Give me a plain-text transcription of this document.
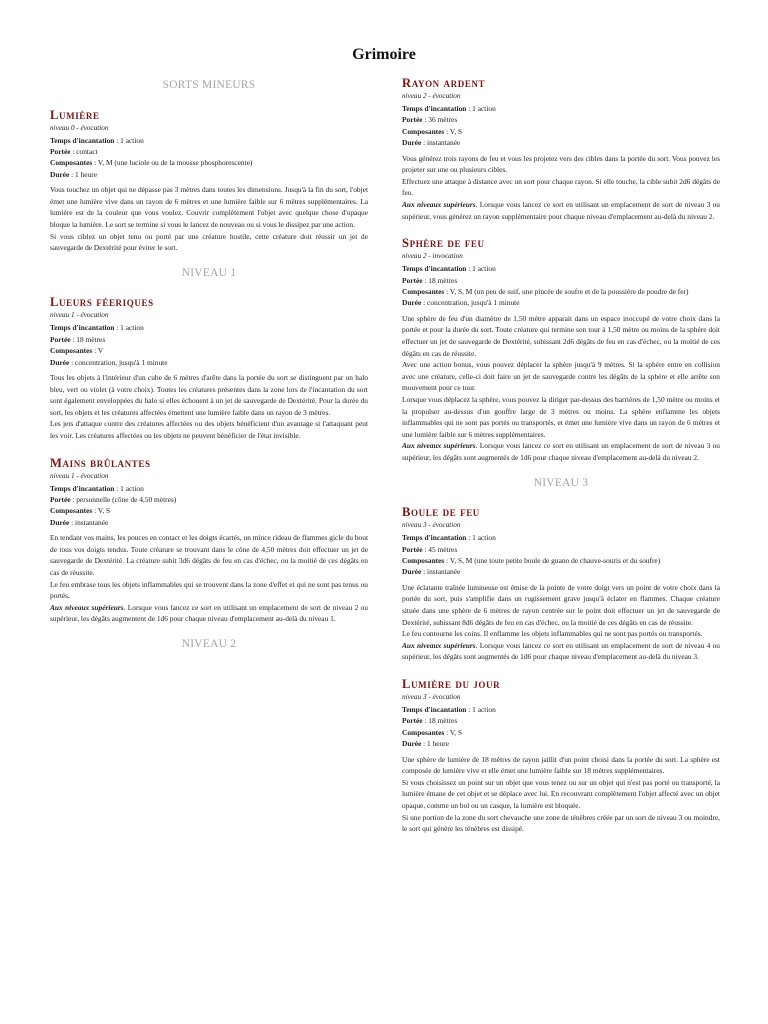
Grimoire
SORTS MINEURS
Lumière
niveau 0 - évocation
Temps d'incantation : 1 action
Portée : contact
Composantes : V, M (une luciole ou de la mousse phosphorescente)
Durée : 1 heure

Vous touchez un objet qui ne dépasse pas 3 mètres dans toutes les dimensions. Jusqu'à la fin du sort, l'objet émet une lumière vive dans un rayon de 6 mètres et une lumière faible sur 6 mètres supplémentaires. La lumière est de la couleur que vous voulez. Couvrir complètement l'objet avec quelque chose d'opaque bloque la lumière. Le sort se termine si vous le lancez de nouveau ou si vous le dissipez par une action.

Si vous ciblez un objet tenu ou porté par une créature hostile, cette créature doit réussir un jet de sauvegarde de Dextérité pour éviter le sort.

NIVEAU 1
Lueurs féeriques
niveau 1 - évocation
Temps d'incantation : 1 action
Portée : 18 mètres
Composantes : V
Durée : concentration, jusqu'à 1 minute

Tous les objets à l'intérieur d'un cube de 6 mètres d'arête dans la portée du sort se distinguent par un halo bleu, vert ou violet (à votre choix). Toutes les créatures présentes dans la zone lors de l'incantation du sort sont également enveloppées du halo si elles échouent à un jet de sauvegarde de Dextérité. Pour la durée du sort, les objets et les créatures affectées émettent une lumière faible dans un rayon de 3 mètres.

Les jets d'attaque contre des créatures affectées ou des objets bénéficient d'un avantage si l'attaquant peut les voir. Les créatures affectées ou les objets ne peuvent bénéficier de l'état invisible.

Mains brûlantes
niveau 1 - évocation
Temps d'incantation : 1 action
Portée : personnelle (cône de 4,50 mètres)
Composantes : V, S
Durée : instantanée

En tendant vos mains, les pouces en contact et les doigts écartés, un mince rideau de flammes gicle du bout de tous vos doigts tendus. Toute créature se trouvant dans le cône de 4,50 mètres doit effectuer un jet de sauvegarde de Dextérité. La créature subit 3d6 dégâts de feu en cas d'échec, ou la moitié de ces dégâts en cas de réussite.

Le feu embrase tous les objets inflammables qui se trouvent dans la zone d'effet et qui ne sont pas tenus ou portés.

Aux niveaux supérieurs. Lorsque vous lancez ce sort en utilisant un emplacement de sort de niveau 2 ou supérieur, les dégâts augmentent de 1d6 pour chaque niveau d'emplacement au-delà du niveau 1.

NIVEAU 2
Rayon ardent
niveau 2 - évocation
Temps d'incantation : 1 action
Portée : 36 mètres
Composantes : V, S
Durée : instantanée

Vous générez trois rayons de feu et vous les projetez vers des cibles dans la portée du sort. Vous pouvez les projeter sur une ou plusieurs cibles.

Effectuez une attaque à distance avec un sort pour chaque rayon. Si elle touche, la cible subit 2d6 dégâts de feu.

Aux niveaux supérieurs. Lorsque vous lancez ce sort en utilisant un emplacement de sort de niveau 3 ou supérieur, vous générez un rayon supplémentaire pour chaque niveau d'emplacement au-delà du niveau 2.

Sphère de feu
niveau 2 - invocation
Temps d'incantation : 1 action
Portée : 18 mètres
Composantes : V, S, M (un peu de suif, une pincée de soufre et de la poussière de poudre de fer)
Durée : concentration, jusqu'à 1 minute

Une sphère de feu d'un diamètre de 1,50 mètre apparait dans un espace inoccupé de votre choix dans la portée et pour la durée du sort. Toute créature qui termine son tour à 1,50 mètre ou moins de la sphère doit effectuer un jet de sauvegarde de Dextérité, subissant 2d6 dégâts de feu en cas d'échec, ou la moitié de ces dégâts en cas de réussite.

Avec une action bonus, vous pouvez déplacer la sphère jusqu'à 9 mètres. Si la sphère entre en collision avec une créature, celle-ci doit faire un jet de sauvegarde contre les dégâts de la sphère et elle arrête son mouvement pour ce tour.

Lorsque vous déplacez la sphère, vous pouvez la diriger par-dessus des barrières de 1,50 mètre ou moins et la propulser au-dessus d'un gouffre large de 3 mètres ou moins. La sphère enflamme les objets inflammables qui ne sont pas portés ou transportés, et émet une lumière vive dans un rayon de 6 mètres et une lumière faible sur 6 mètres supplémentaires.

Aux niveaux supérieurs. Lorsque vous lancez ce sort en utilisant un emplacement de sort de niveau 3 ou supérieur, les dégâts sont augmentés de 1d6 pour chaque niveau d'emplacement au-delà du niveau 2.

NIVEAU 3
Boule de feu
niveau 3 - évocation
Temps d'incantation : 1 action
Portée : 45 mètres
Composantes : V, S, M (une toute petite boule de guano de chauve-souris et du soufre)
Durée : instantanée

Une éclatante traînée lumineuse est émise de la pointe de votre doigt vers un point de votre choix dans la portée du sort, puis s'amplifie dans un rugissement grave jusqu'à éclater en flammes. Chaque créature située dans une sphère de 6 mètres de rayon centrée sur le point doit effectuer un jet de sauvegarde de Dextérité, subissant 8d6 dégâts de feu en cas d'échec, ou la moitié de ces dégâts en cas de réussite.

Le feu contourne les coins. Il enflamme les objets inflammables qui ne sont pas portés ou transportés.

Aux niveaux supérieurs. Lorsque vous lancez ce sort en utilisant un emplacement de sort de niveau 4 ou supérieur, les dégâts sont augmentés de 1d6 pour chaque niveau d'emplacement au-delà du niveau 3.

Lumière du jour
niveau 3 - évocation
Temps d'incantation : 1 action
Portée : 18 mètres
Composantes : V, S
Durée : 1 heure

Une sphère de lumière de 18 mètres de rayon jaillit d'un point choisi dans la portée du sort. La sphère est composée de lumière vive et elle émet une lumière faible sur 18 mètres supplémentaires.

Si vous choisissez un point sur un objet que vous tenez ou sur un objet qui n'est pas porté ou transporté, la lumière émane de cet objet et se déplace avec lui. En recouvrant complètement l'objet affecté avec un objet opaque, comme un bol ou un casque, la lumière est bloquée.

Si une portion de la zone du sort chevauche une zone de ténèbres créée par un sort de niveau 3 ou moindre, le sort qui génère les ténèbres est dissipé.
